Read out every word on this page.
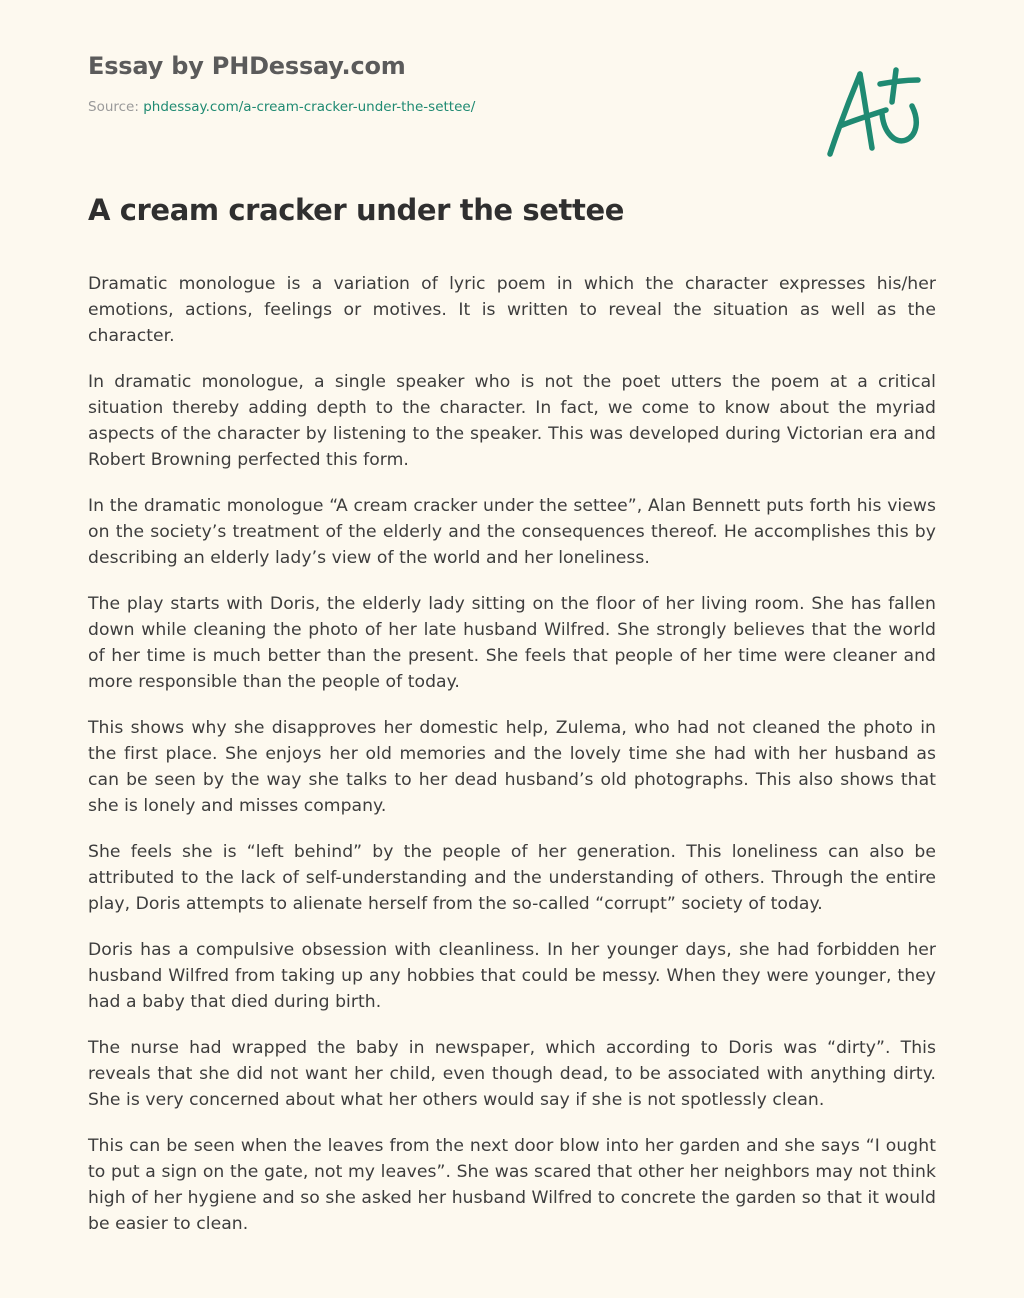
Essay by PHDessay.com

Source: phdessay.com/a-cream-cracker-under-the-settee/
A cream cracker under the settee

Dramatic monologue is a variation of lyric poem in which the character expresses his/her emotions, actions, feelings or motives. It is written to reveal the situation as well as the character.

In dramatic monologue, a single speaker who is not the poet utters the poem at a critical situation thereby adding depth to the character. In fact, we come to know about the myriad aspects of the character by listening to the speaker. This was developed during Victorian era and Robert Browning perfected this form.

In the dramatic monologue “A cream cracker under the settee”, Alan Bennett puts forth his views on the society’s treatment of the elderly and the consequences thereof. He accomplishes this by describing an elderly lady’s view of the world and her loneliness.

The play starts with Doris, the elderly lady sitting on the floor of her living room. She has fallen down while cleaning the photo of her late husband Wilfred. She strongly believes that the world of her time is much better than the present. She feels that people of her time were cleaner and more responsible than the people of today.

This shows why she disapproves her domestic help, Zulema, who had not cleaned the photo in the first place. She enjoys her old memories and the lovely time she had with her husband as can be seen by the way she talks to her dead husband’s old photographs. This also shows that she is lonely and misses company.

She feels she is “left behind” by the people of her generation. This loneliness can also be attributed to the lack of self-understanding and the understanding of others. Through the entire play, Doris attempts to alienate herself from the so-called “corrupt” society of today.

Doris has a compulsive obsession with cleanliness. In her younger days, she had forbidden her husband Wilfred from taking up any hobbies that could be messy. When they were younger, they had a baby that died during birth.

The nurse had wrapped the baby in newspaper, which according to Doris was “dirty”. This reveals that she did not want her child, even though dead, to be associated with anything dirty. She is very concerned about what her others would say if she is not spotlessly clean.

This can be seen when the leaves from the next door blow into her garden and she says “I ought to put a sign on the gate, not my leaves”. She was scared that other her neighbors may not think high of her hygiene and so she asked her husband Wilfred to concrete the garden so that it would be easier to clean.
